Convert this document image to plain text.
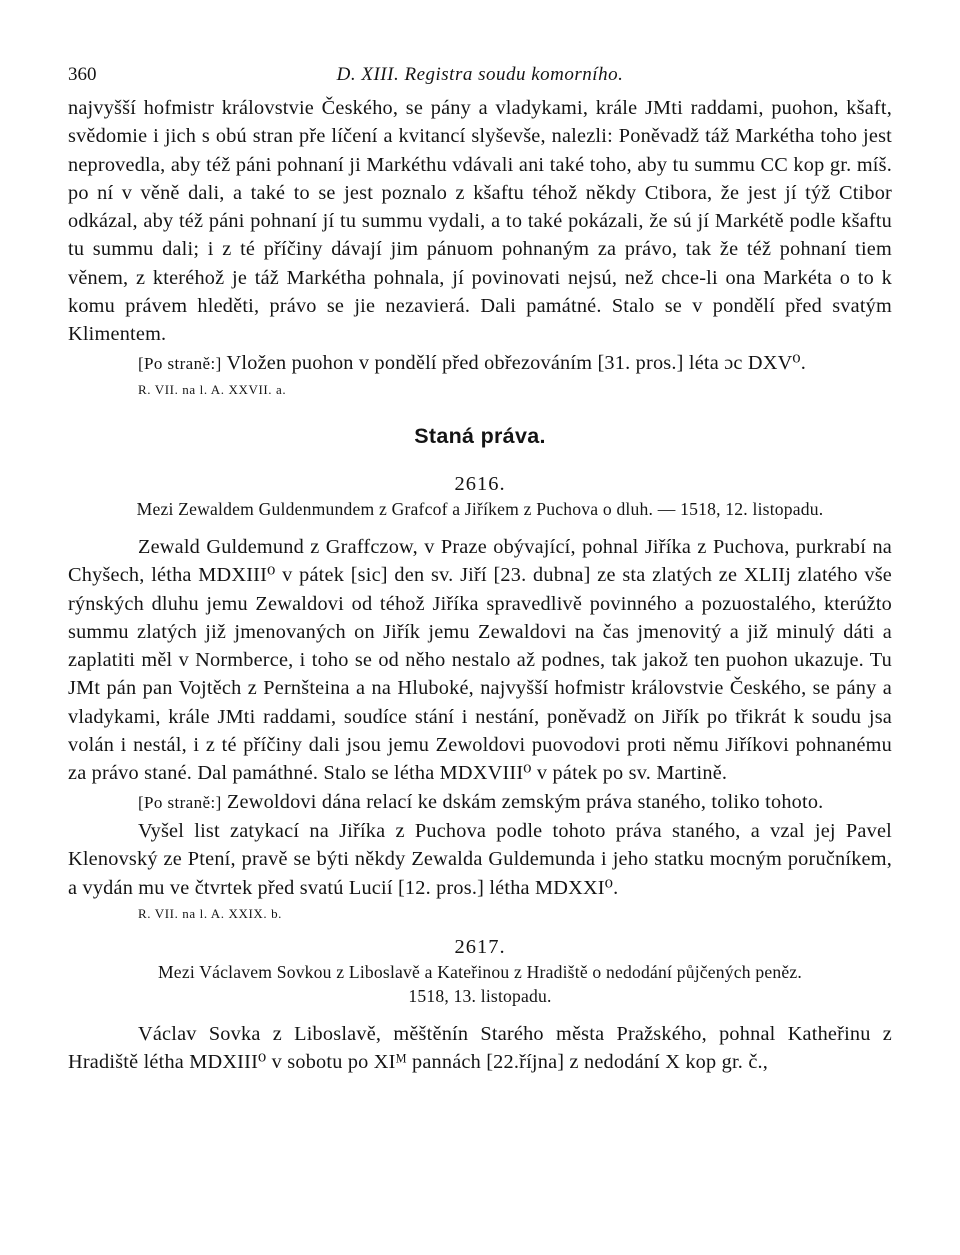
360	D. XIII. Registra soudu komorního.

najvyšší hofmistr královstvie Českého, se pány a vladykami, krále JMti raddami, puohon, kšaft, svědomie i jich s obú stran pře líčení a kvitancí slyševše, nalezli: Poněvadž táž Markétha toho jest neprovedla, aby též páni pohnaní ji Markéthu vdávali ani také toho, aby tu summu CC kop gr. míš. po ní v věně dali, a také to se jest poznalo z kšaftu téhož někdy Ctibora, že jest jí týž Ctibor odkázal, aby též páni pohnaní jí tu summu vydali, a to také pokázali, že sú jí Markétě podle kšaftu tu summu dali; i z té příčiny dávají jim pánuom pohnaným za právo, tak že též pohnaní tiem věnem, z kteréhož je táž Markétha pohnala, jí povinovati nejsú, než chce-li ona Markéta o to k komu právem hleděti, právo se jie nezavierá. Dali památné. Stalo se v pondělí před svatým Klimentem.

[Po straně:] Vložen puohon v pondělí před obřezováním [31. pros.] léta ɔc DXV⁰.

R. VII. na l. A. XXVII. a.
Staná práva.
2616.
Mezi Zewaldem Guldenmundem z Grafcof a Jiříkem z Puchova o dluh. — 1518, 12. listopadu.

Zewald Guldemund z Graffczow, v Praze obývající, pohnal Jiříka z Puchova, purkrabí na Chyšech, létha MDXIII⁰ v pátek [sic] den sv. Jiří [23. dubna] ze sta zlatých ze XLIIj zlatého vše rýnských dluhu jemu Zewaldovi od téhož Jiříka spravedlivě povinného a pozuostalého, kterúžto summu zlatých již jmenovaných on Jiřík jemu Zewaldovi na čas jmenovitý a již minulý dáti a zaplatiti měl v Normberce, i toho se od něho nestalo až podnes, tak jakož ten puohon ukazuje. Tu JMt pán pan Vojtěch z Pernšteina a na Hluboké, najvyšší hofmistr královstvie Českého, se pány a vladykami, krále JMti raddami, soudíce stání i nestání, poněvadž on Jiřík po třikrát k soudu jsa volán i nestál, i z té příčiny dali jsou jemu Zewoldovi puovodovi proti němu Jiříkovi pohnanému za právo stané. Dal památhné. Stalo se létha MDXVIII⁰ v pátek po sv. Martině.

[Po straně:] Zewoldovi dána relací ke dskám zemským práva staného, toliko tohoto.

Vyšel list zatykací na Jiříka z Puchova podle tohoto práva staného, a vzal jej Pavel Klenovský ze Ptení, pravě se býti někdy Zewalda Guldemunda i jeho statku mocným poručníkem, a vydán mu ve čtvrtek před svatú Lucií [12. pros.] létha MDXXI⁰.

R. VII. na l. A. XXIX. b.
2617.
Mezi Václavem Sovkou z Liboslavě a Kateřinou z Hradiště o nedodání půjčených peněz.
1518, 13. listopadu.

Václav Sovka z Liboslavě, měštěnín Starého města Pražského, pohnal Katheřinu z Hradiště létha MDXIII⁰ v sobotu po XIᴹ pannách [22.října] z nedodání X kop gr. č.,
